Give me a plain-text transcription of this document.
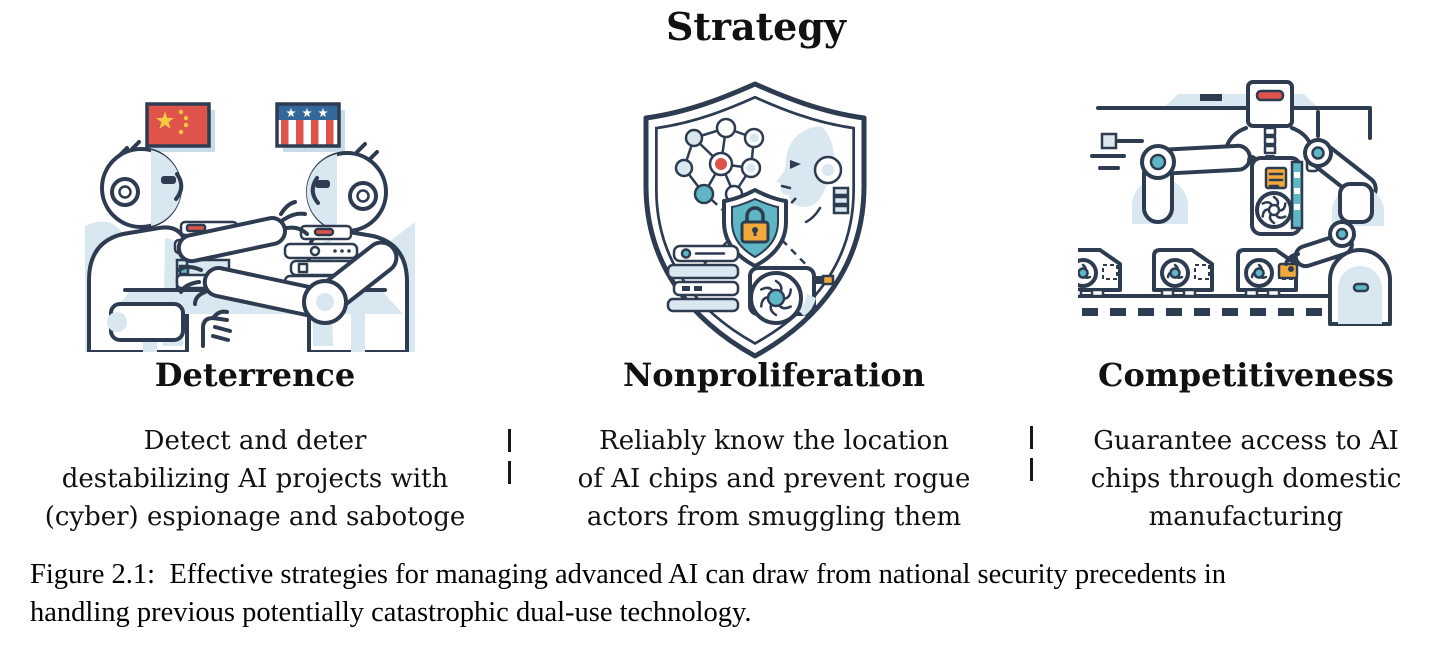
Strategy
Deterrence	Nonproliferation	Competitiveness
Detect and deter
destabilizing AI projects with
(cyber) espionage and sabotoge
Reliably know the location
of AI chips and prevent rogue
actors from smuggling them
Guarantee access to AI
chips through domestic
manufacturing
Figure 2.1:  Effective strategies for managing advanced AI can draw from national security precedents in
handling previous potentially catastrophic dual-use technology.
